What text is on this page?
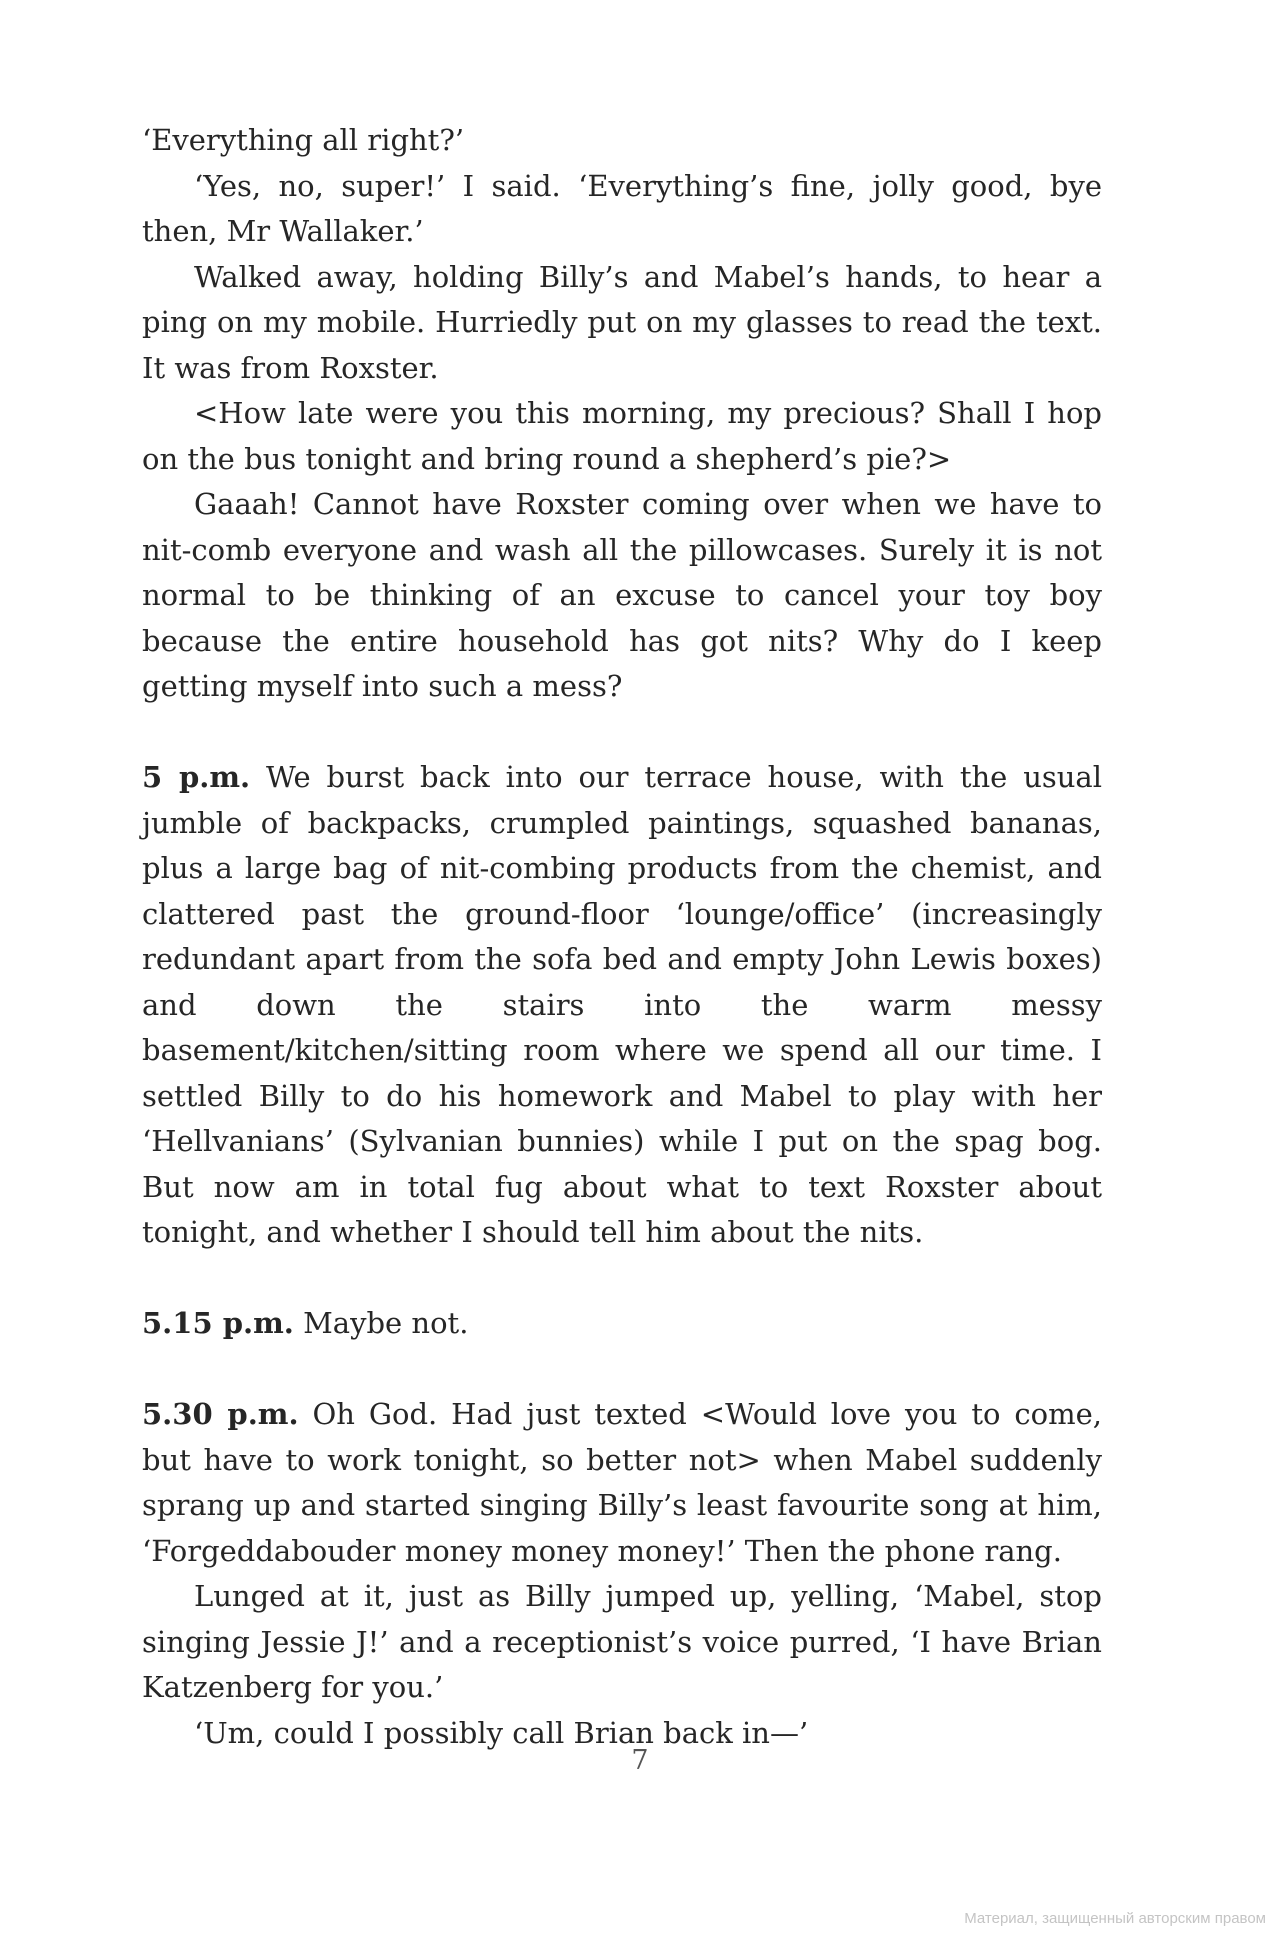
‘Everything all right?’

‘Yes, no, super!’ I said. ‘Everything’s fine, jolly good, bye then, Mr Wallaker.’

Walked away, holding Billy’s and Mabel’s hands, to hear a ping on my mobile. Hurriedly put on my glasses to read the text. It was from Roxster.

<How late were you this morning, my precious? Shall I hop on the bus tonight and bring round a shepherd’s pie?>

Gaaah! Cannot have Roxster coming over when we have to nit-comb everyone and wash all the pillowcases. Surely it is not normal to be thinking of an excuse to cancel your toy boy because the entire household has got nits? Why do I keep getting myself into such a mess?

5 p.m. We burst back into our terrace house, with the usual jumble of backpacks, crumpled paintings, squashed bananas, plus a large bag of nit-combing products from the chemist, and clattered past the ground-floor ‘lounge/office’ (increasingly redundant apart from the sofa bed and empty John Lewis boxes) and down the stairs into the warm messy basement/kitchen/sitting room where we spend all our time. I settled Billy to do his homework and Mabel to play with her ‘Hellvanians’ (Sylvanian bunnies) while I put on the spag bog. But now am in total fug about what to text Roxster about tonight, and whether I should tell him about the nits.

5.15 p.m. Maybe not.

5.30 p.m. Oh God. Had just texted <Would love you to come, but have to work tonight, so better not> when Mabel suddenly sprang up and started singing Billy’s least favourite song at him, ‘Forgeddabouder money money money!’ Then the phone rang.

Lunged at it, just as Billy jumped up, yelling, ‘Mabel, stop singing Jessie J!’ and a receptionist’s voice purred, ‘I have Brian Katzenberg for you.’

‘Um, could I possibly call Brian back in—’

7
Материал, защищенный авторским правом
